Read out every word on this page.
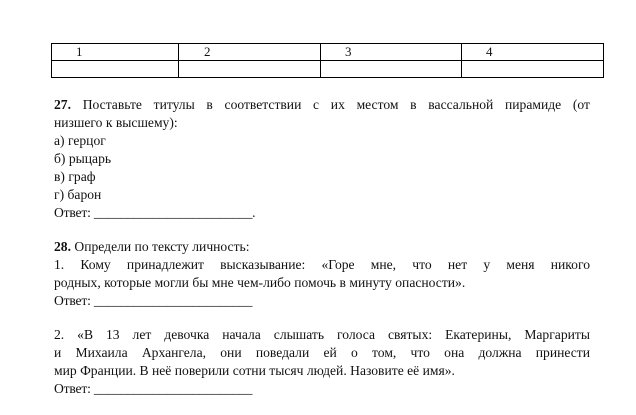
1	2	3	4

27. Поставьте титулы в соответствии с их местом в вассальной пирамиде (от
низшего к высшему):
а) герцог
б) рыцарь
в) граф
г) барон
Ответ: ________________________.
28. Определи по тексту личность:
1. Кому принадлежит высказывание: «Горе мне, что нет у меня никого
родных, которые могли бы мне чем-либо помочь в минуту опасности».
Ответ: ________________________
2. «В 13 лет девочка начала слышать голоса святых: Екатерины, Маргариты
и Михаила Архангела, они поведали ей о том, что она должна принести
мир Франции. В неё поверили сотни тысяч людей. Назовите её имя».
Ответ: ________________________
